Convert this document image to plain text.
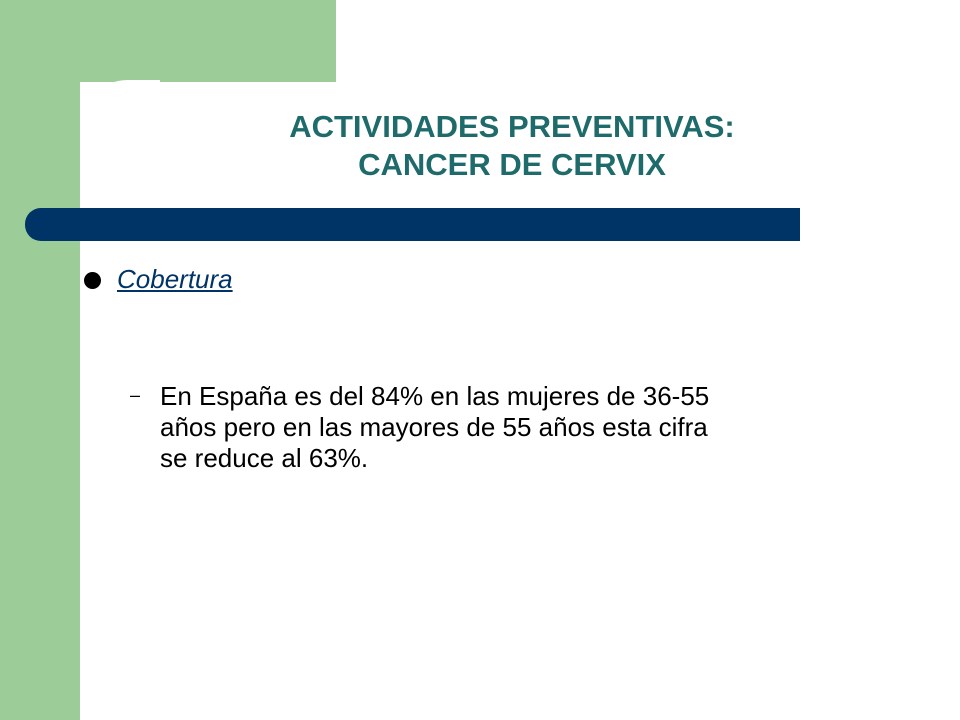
ACTIVIDADES PREVENTIVAS:
CANCER DE CERVIX
Cobertura
– En España es del 84% en las mujeres de 36-55
años pero en las mayores de 55 años esta cifra
se reduce al 63%.
